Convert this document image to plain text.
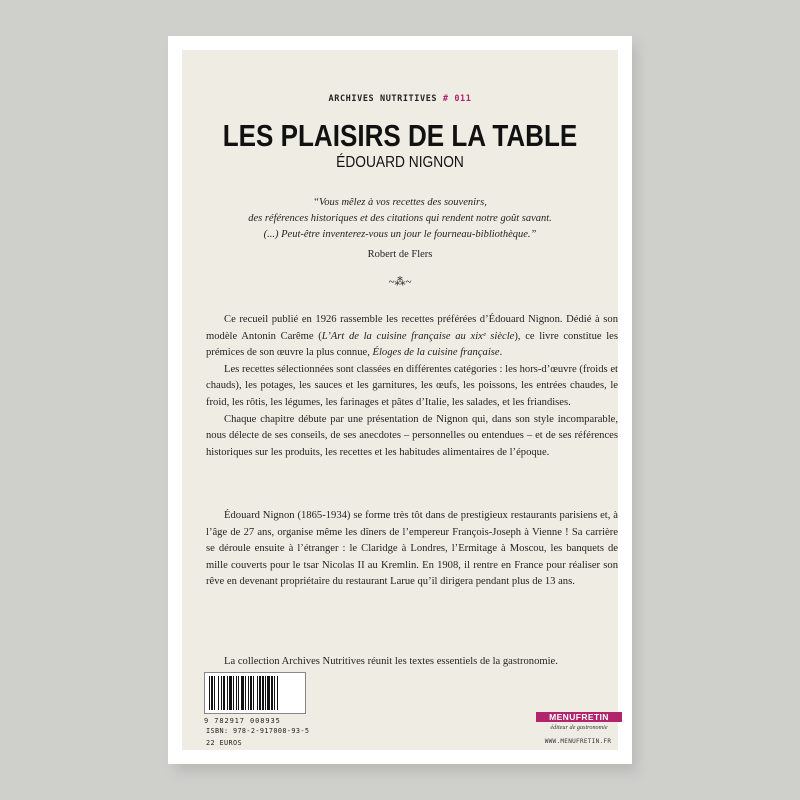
ARCHIVES NUTRITIVES # 011
LES PLAISIRS DE LA TABLE
ÉDOUARD NIGNON
“Vous mêlez à vos recettes des souvenirs,
des références historiques et des citations qui rendent notre goût savant.
(...) Peut-être inventerez-vous un jour le fourneau-bibliothèque.”
Robert de Flers
~⁂~

Ce recueil publié en 1926 rassemble les recettes préférées d’Édouard Nignon. Dédié à son modèle Antonin Carême (L’Art de la cuisine française au xixᵉ siècle), ce livre constitue les prémices de son œuvre la plus connue, Éloges de la cuisine française.

Les recettes sélectionnées sont classées en différentes catégories : les hors-d’œuvre (froids et chauds), les potages, les sauces et les garnitures, les œufs, les poissons, les entrées chaudes, le froid, les rôtis, les légumes, les farinages et pâtes d’Italie, les salades, et les friandises.

Chaque chapitre débute par une présentation de Nignon qui, dans son style incomparable, nous délecte de ses conseils, de ses anecdotes – personnelles ou entendues – et de ses références historiques sur les produits, les recettes et les habitudes alimentaires de l’époque.

Édouard Nignon (1865-1934) se forme très tôt dans de prestigieux restaurants parisiens et, à l’âge de 27 ans, organise même les dîners de l’empereur François-Joseph à Vienne ! Sa carrière se déroule ensuite à l’étranger : le Claridge à Londres, l’Ermitage à Moscou, les banquets de mille couverts pour le tsar Nicolas II au Kremlin. En 1908, il rentre en France pour réaliser son rêve en devenant propriétaire du restaurant Larue qu’il dirigera pendant plus de 13 ans.

La collection Archives Nutritives réunit les textes essentiels de la gastronomie.

9 782917 008935
ISBN: 978-2-917008-93-5
22 EUROS
MENUFRETIN
éditeur de gastronomie
WWW.MENUFRETIN.FR
